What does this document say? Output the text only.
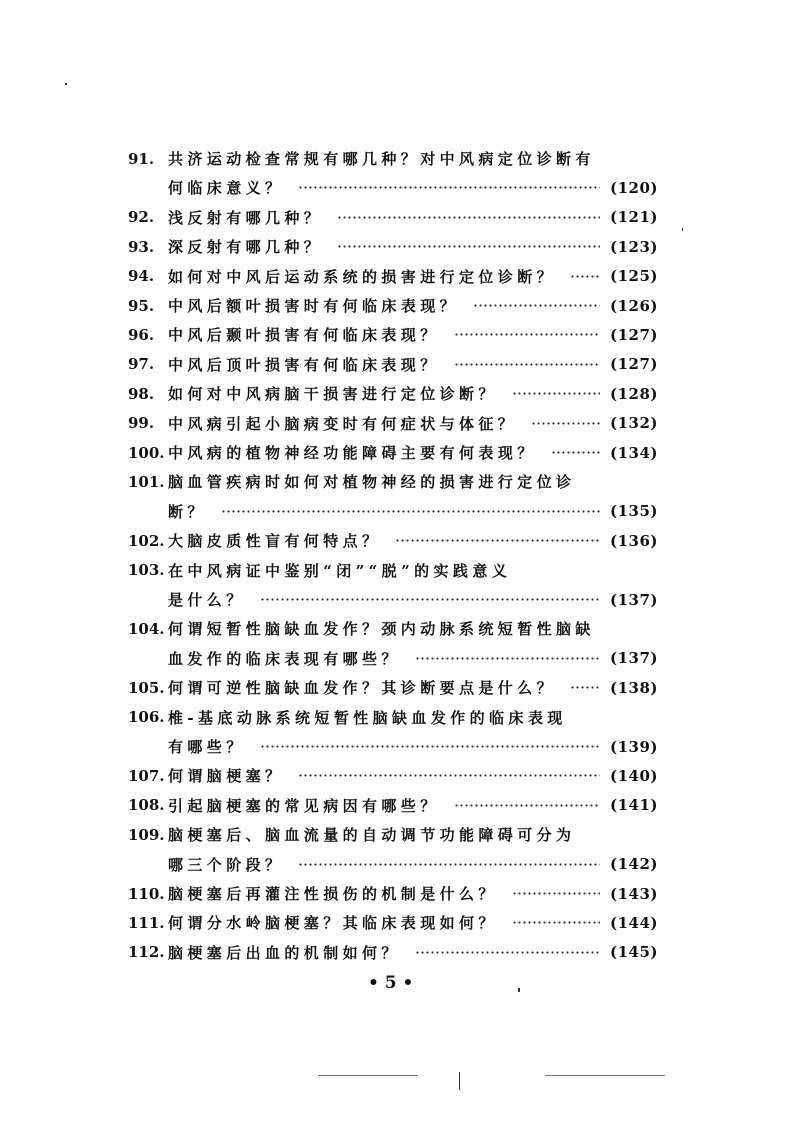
91. 共济运动检查常规有哪几种？对中风病定位诊断有
何临床意义？	(120)
92. 浅反射有哪几种？	(121)
93. 深反射有哪几种？	(123)
94. 如何对中风后运动系统的损害进行定位诊断？	(125)
95. 中风后额叶损害时有何临床表现？	(126)
96. 中风后颞叶损害有何临床表现？	(127)
97. 中风后顶叶损害有何临床表现？	(127)
98. 如何对中风病脑干损害进行定位诊断？	(128)
99. 中风病引起小脑病变时有何症状与体征？	(132)
100. 中风病的植物神经功能障碍主要有何表现？	(134)
101. 脑血管疾病时如何对植物神经的损害进行定位诊
断？	(135)
102. 大脑皮质性盲有何特点？	(136)
103. 在中风病证中鉴别“闭”“脱”的实践意义
是什么？	(137)
104. 何谓短暂性脑缺血发作？颈内动脉系统短暂性脑缺
血发作的临床表现有哪些？	(137)
105. 何谓可逆性脑缺血发作？其诊断要点是什么？	(138)
106. 椎-基底动脉系统短暂性脑缺血发作的临床表现
有哪些？	(139)
107. 何谓脑梗塞？	(140)
108. 引起脑梗塞的常见病因有哪些？	(141)
109. 脑梗塞后、脑血流量的自动调节功能障碍可分为
哪三个阶段？	(142)
110. 脑梗塞后再灌注性损伤的机制是什么？	(143)
111. 何谓分水岭脑梗塞？其临床表现如何？	(144)
112. 脑梗塞后出血的机制如何？	(145)
• 5 •
